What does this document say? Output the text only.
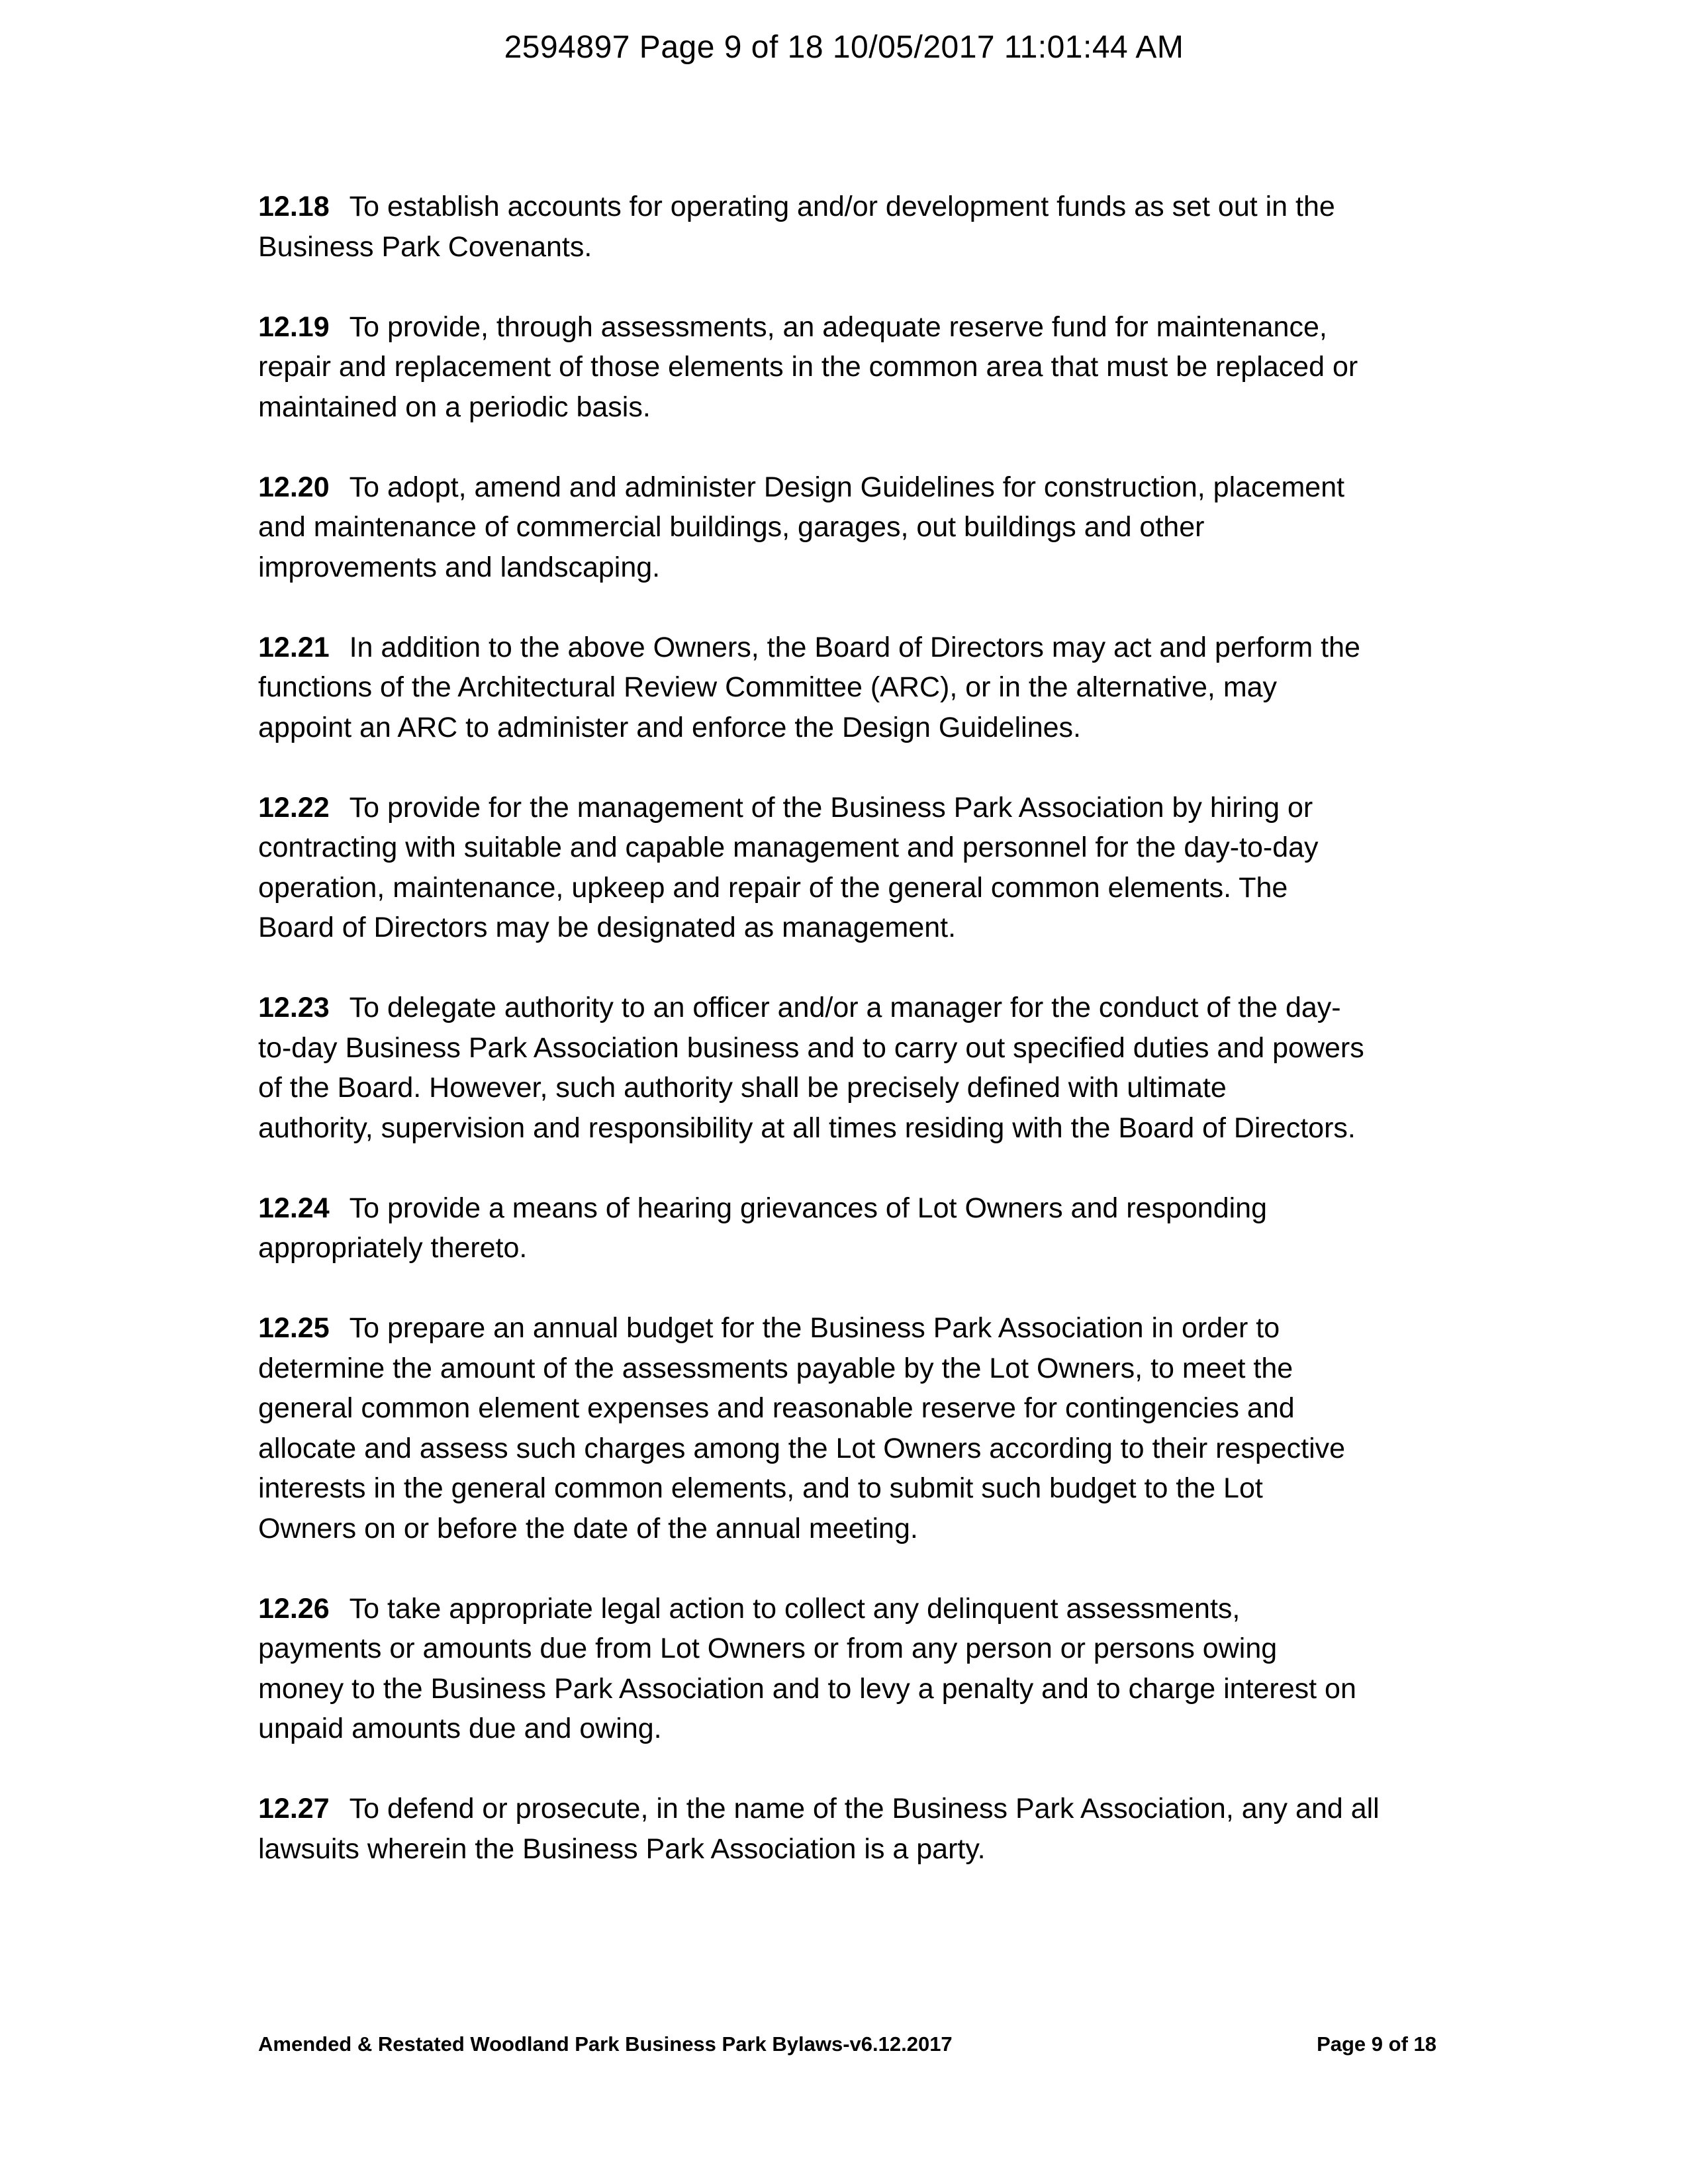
2594897 Page 9 of 18 10/05/2017 11:01:44 AM
12.18 To establish accounts for operating and/or development funds as set out in the
Business Park Covenants.
12.19 To provide, through assessments, an adequate reserve fund for maintenance,
repair and replacement of those elements in the common area that must be replaced or
maintained on a periodic basis.
12.20 To adopt, amend and administer Design Guidelines for construction, placement
and maintenance of commercial buildings, garages, out buildings and other
improvements and landscaping.
12.21 In addition to the above Owners, the Board of Directors may act and perform the
functions of the Architectural Review Committee (ARC), or in the alternative, may
appoint an ARC to administer and enforce the Design Guidelines.
12.22 To provide for the management of the Business Park Association by hiring or
contracting with suitable and capable management and personnel for the day-to-day
operation, maintenance, upkeep and repair of the general common elements. The
Board of Directors may be designated as management.
12.23 To delegate authority to an officer and/or a manager for the conduct of the day-
to-day Business Park Association business and to carry out specified duties and powers
of the Board. However, such authority shall be precisely defined with ultimate
authority, supervision and responsibility at all times residing with the Board of Directors.
12.24 To provide a means of hearing grievances of Lot Owners and responding
appropriately thereto.
12.25 To prepare an annual budget for the Business Park Association in order to
determine the amount of the assessments payable by the Lot Owners, to meet the
general common element expenses and reasonable reserve for contingencies and
allocate and assess such charges among the Lot Owners according to their respective
interests in the general common elements, and to submit such budget to the Lot
Owners on or before the date of the annual meeting.
12.26 To take appropriate legal action to collect any delinquent assessments,
payments or amounts due from Lot Owners or from any person or persons owing
money to the Business Park Association and to levy a penalty and to charge interest on
unpaid amounts due and owing.
12.27 To defend or prosecute, in the name of the Business Park Association, any and all
lawsuits wherein the Business Park Association is a party.
Amended & Restated Woodland Park Business Park Bylaws-v6.12.2017	Page 9 of 18
